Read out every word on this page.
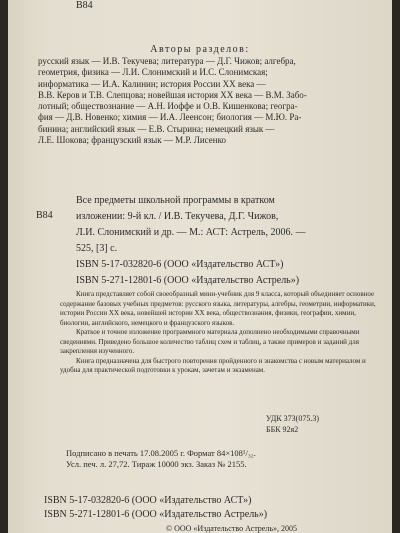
В84
Авторы разделов:
русский язык — И.В. Текучева; литература — Д.Г. Чижов; алгебра,
геометрия, физика — Л.И. Слонимский и И.С. Слонимская;
информатика — И.А. Калинин; история России XX века —
В.В. Керов и Т.В. Слепцова; новейшая история XX века — В.М. Забо-
лотный; обществознание — А.Н. Иоффе и О.В. Кишенкова; геогра-
фия — Д.В. Новенко; химия — И.А. Леенсон; биология — М.Ю. Ра-
бинина; английский язык — Е.В. Стырина; немецкий язык —
Л.Е. Шокова; французский язык — М.Р. Лисенко
В84
Все предметы школьной программы в кратком
изложении: 9-й кл. / И.В. Текучева, Д.Г. Чижов,
Л.И. Слонимский и др. — М.: АСТ: Астрель, 2006. —
525, [3] с.
ISBN 5-17-032820-6 (ООО «Издательство АСТ»)
ISBN 5-271-12801-6 (ООО «Издательство Астрель»)

Книга представляет собой своеобразный мини-учебник для 9 класса, который объединяет основное содержание базовых учебных предметов: русского языка, литературы, алгебры, геометрии, информатики, истории России XX века, новейшей истории XX века, обществознания, физики, географии, химии, биологии, английского, немецкого и французского языков.

Краткое и точное изложение программного материала дополнено необходимыми справочными сведениями. Приведено большое количество таблиц схем и таблиц, а также примеров и заданий для закрепления изученного.

Книга предназначена для быстрого повторения пройденного и знакомства с новым материалом и удобна для практической подготовки к урокам, зачетам и экзаменам.

УДК 373(075.3)
ББК 92я2
Подписано в печать 17.08.2005 г. Формат 84×108¹/₃₂.
Усл. печ. л. 27,72. Тираж 10000 экз. Заказ № 2155.
ISBN 5-17-032820-6 (ООО «Издательство АСТ»)
ISBN 5-271-12801-6 (ООО «Издательство Астрель»)
© ООО «Издательство Астрель», 2005
